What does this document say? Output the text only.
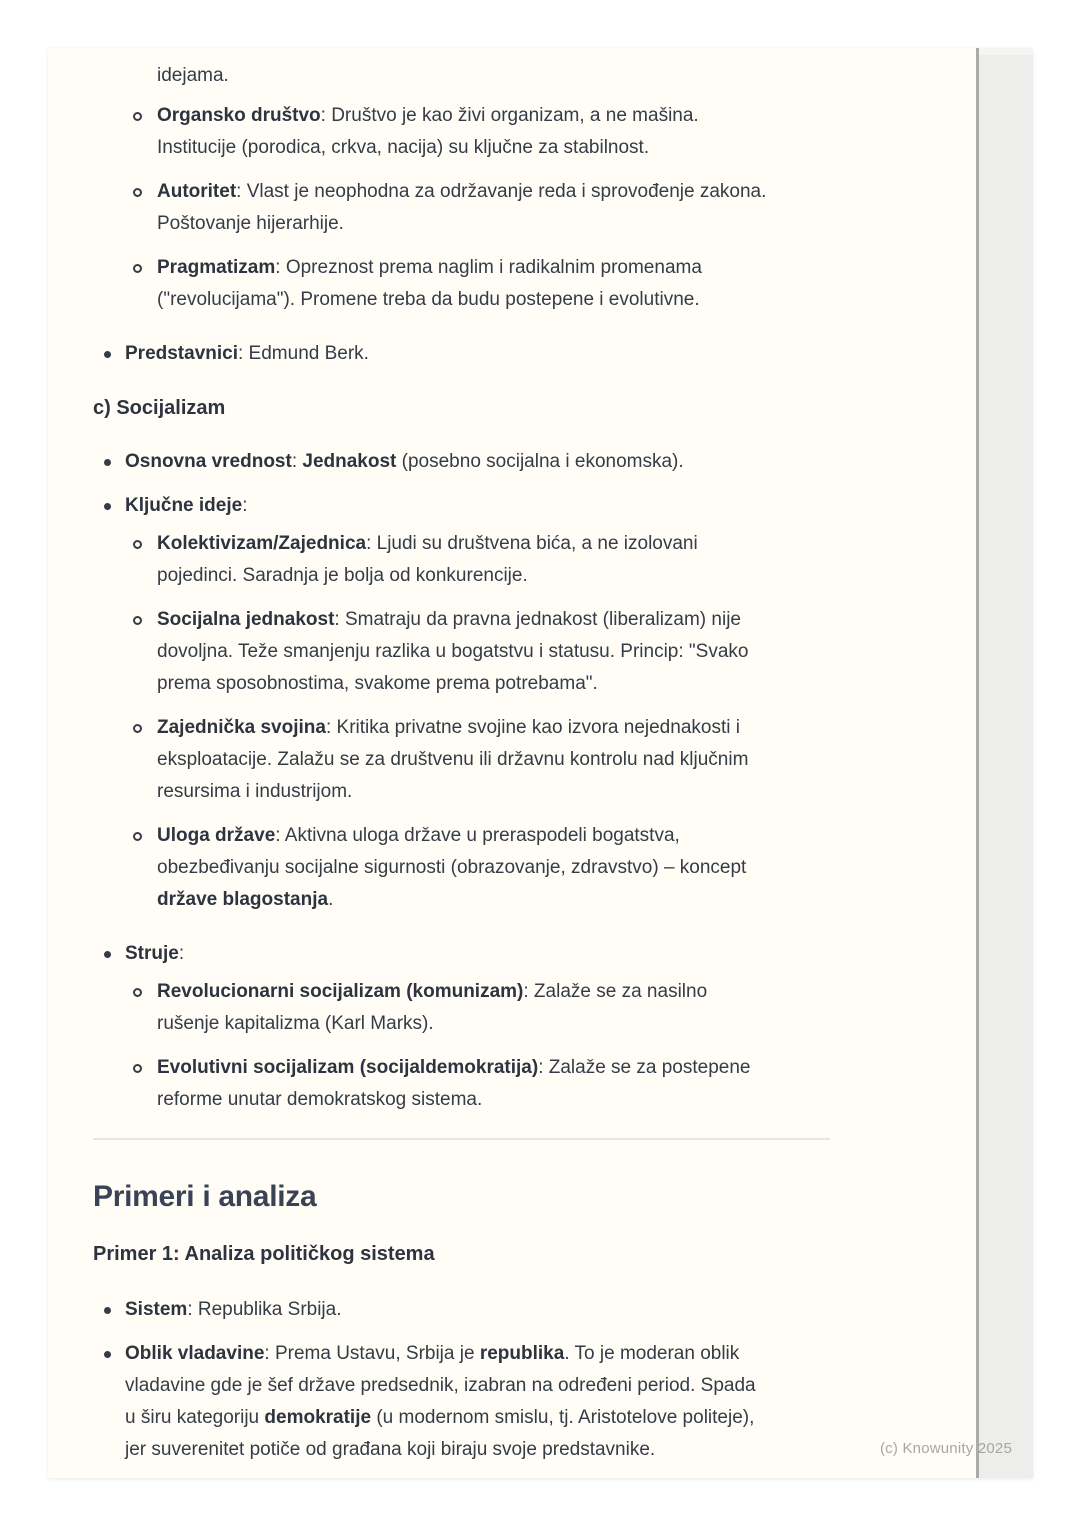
idejama.
Organsko društvo: Društvo je kao živi organizam, a ne mašina.
Institucije (porodica, crkva, nacija) su ključne za stabilnost.
Autoritet: Vlast je neophodna za održavanje reda i sprovođenje zakona.
Poštovanje hijerarhije.
Pragmatizam: Opreznost prema naglim i radikalnim promenama
("revolucijama"). Promene treba da budu postepene i evolutivne.
Predstavnici: Edmund Berk.
c) Socijalizam
Osnovna vrednost: Jednakost (posebno socijalna i ekonomska).
Ključne ideje:
Kolektivizam/Zajednica: Ljudi su društvena bića, a ne izolovani
pojedinci. Saradnja je bolja od konkurencije.
Socijalna jednakost: Smatraju da pravna jednakost (liberalizam) nije
dovoljna. Teže smanjenju razlika u bogatstvu i statusu. Princip: "Svako
prema sposobnostima, svakome prema potrebama".
Zajednička svojina: Kritika privatne svojine kao izvora nejednakosti i
eksploatacije. Zalažu se za društvenu ili državnu kontrolu nad ključnim
resursima i industrijom.
Uloga države: Aktivna uloga države u preraspodeli bogatstva,
obezbeđivanju socijalne sigurnosti (obrazovanje, zdravstvo) – koncept
države blagostanja.
Struje:
Revolucionarni socijalizam (komunizam): Zalaže se za nasilno
rušenje kapitalizma (Karl Marks).
Evolutivni socijalizam (socijaldemokratija): Zalaže se za postepene
reforme unutar demokratskog sistema.
Primeri i analiza
Primer 1: Analiza političkog sistema
Sistem: Republika Srbija.
Oblik vladavine: Prema Ustavu, Srbija je republika. To je moderan oblik
vladavine gde je šef države predsednik, izabran na određeni period. Spada
u širu kategoriju demokratije (u modernom smislu, tj. Aristotelove politeje),
jer suverenitet potiče od građana koji biraju svoje predstavnike.	(c) Knowunity 2025
